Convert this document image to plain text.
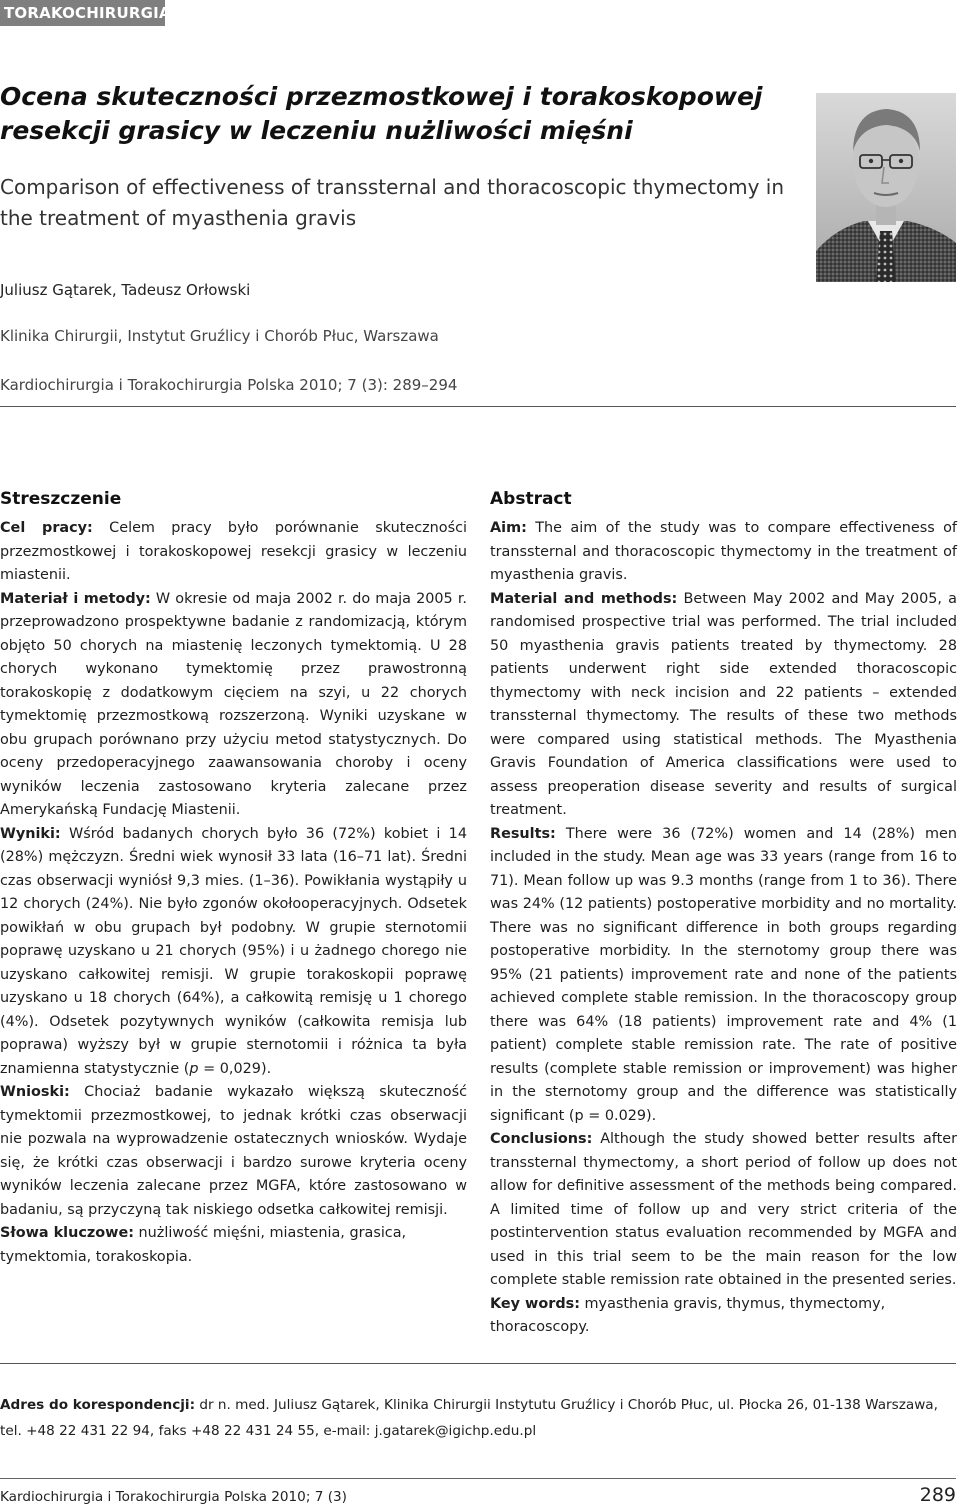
TORAKOCHIRURGIA
Ocena skuteczności przezmostkowej i torakoskopowej resekcji grasicy w leczeniu nużliwości mięśni
Comparison of effectiveness of transsternal and thoracoscopic thymectomy in the treatment of myasthenia gravis
Juliusz Gątarek, Tadeusz Orłowski
Klinika Chirurgii, Instytut Gruźlicy i Chorób Płuc, Warszawa
Kardiochirurgia i Torakochirurgia Polska 2010; 7 (3): 289–294
Streszczenie

Cel pracy: Celem pracy było porównanie skuteczności przezmostkowej i torakoskopowej resekcji grasicy w leczeniu miastenii.

Materiał i metody: W okresie od maja 2002 r. do maja 2005 r. przeprowadzono prospektywne badanie z randomizacją, którym objęto 50 chorych na miastenię leczonych tymektomią. U 28 chorych wykonano tymektomię przez prawostronną torakoskopię z dodatkowym cięciem na szyi, u 22 chorych tymektomię przezmostkową rozszerzoną. Wyniki uzyskane w obu grupach porównano przy użyciu metod statystycznych. Do oceny przedoperacyjnego zaawansowania choroby i oceny wyników leczenia zastosowano kryteria zalecane przez Amerykańską Fundację Miastenii.

Wyniki: Wśród badanych chorych było 36 (72%) kobiet i 14 (28%) mężczyzn. Średni wiek wynosił 33 lata (16–71 lat). Średni czas obserwacji wyniósł 9,3 mies. (1–36). Powikłania wystąpiły u 12 chorych (24%). Nie było zgonów okołooperacyjnych. Odsetek powikłań w obu grupach był podobny. W grupie sternotomii poprawę uzyskano u 21 chorych (95%) i u żadnego chorego nie uzyskano całkowitej remisji. W grupie torakoskopii poprawę uzyskano u 18 chorych (64%), a całkowitą remisję u 1 chorego (4%). Odsetek pozytywnych wyników (całkowita remisja lub poprawa) wyższy był w grupie sternotomii i różnica ta była znamienna statystycznie (p = 0,029).

Wnioski: Chociaż badanie wykazało większą skuteczność tymektomii przezmostkowej, to jednak krótki czas obserwacji nie pozwala na wyprowadzenie ostatecznych wniosków. Wydaje się, że krótki czas obserwacji i bardzo surowe kryteria oceny wyników leczenia zalecane przez MGFA, które zastosowano w badaniu, są przyczyną tak niskiego odsetka całkowitej remisji.

Słowa kluczowe: nużliwość mięśni, miastenia, grasica, tymektomia, torakoskopia.

Abstract

Aim: The aim of the study was to compare effectiveness of transsternal and thoracoscopic thymectomy in the treatment of myasthenia gravis.

Material and methods: Between May 2002 and May 2005, a randomised prospective trial was performed. The trial included 50 myasthenia gravis patients treated by thymectomy. 28 patients underwent right side extended thoracoscopic thymectomy with neck incision and 22 patients – extended transsternal thymectomy. The results of these two methods were compared using statistical methods. The Myasthenia Gravis Foundation of America classifications were used to assess preoperation disease severity and results of surgical treatment.

Results: There were 36 (72%) women and 14 (28%) men included in the study. Mean age was 33 years (range from 16 to 71). Mean follow up was 9.3 months (range from 1 to 36). There was 24% (12 patients) postoperative morbidity and no mortality. There was no significant difference in both groups regarding postoperative morbidity. In the sternotomy group there was 95% (21 patients) improvement rate and none of the patients achieved complete stable remission. In the thoracoscopy group there was 64% (18 patients) improvement rate and 4% (1 patient) complete stable remission rate. The rate of positive results (complete stable remission or improvement) was higher in the sternotomy group and the difference was statistically significant (p = 0.029).

Conclusions: Although the study showed better results after transsternal thymectomy, a short period of follow up does not allow for definitive assessment of the methods being compared. A limited time of follow up and very strict criteria of the postintervention status evaluation recommended by MGFA and used in this trial seem to be the main reason for the low complete stable remission rate obtained in the presented series.

Key words: myasthenia gravis, thymus, thymectomy, thoracoscopy.

Adres do korespondencji: dr n. med. Juliusz Gątarek, Klinika Chirurgii Instytutu Gruźlicy i Chorób Płuc, ul. Płocka 26, 01-138 Warszawa,
tel. +48 22 431 22 94, faks +48 22 431 24 55, e-mail: j.gatarek@igichp.edu.pl
Kardiochirurgia i Torakochirurgia Polska 2010; 7 (3)	289
